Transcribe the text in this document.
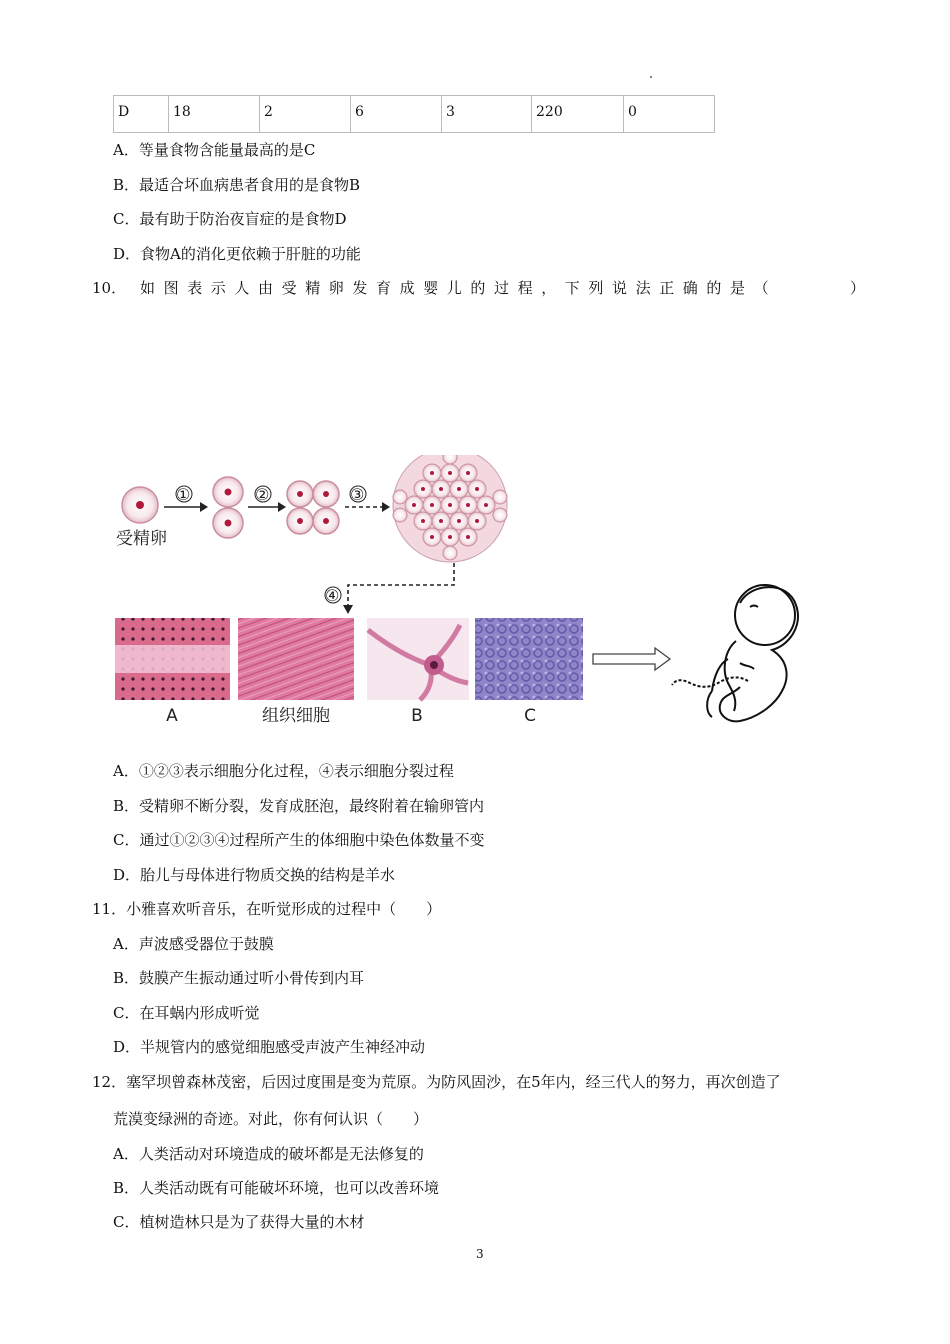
D	18	2	6	3	220	0
A．等量食物含能量最高的是C
B．最适合坏血病患者食用的是食物B
C．最有助于防治夜盲症的是食物D
D．食物A的消化更依赖于肝脏的功能
10． 如图表示人由受精卵发育成婴儿的过程，下列说法正确的是（	）
受精卵
①	②	③
④
A	组织细胞	B	C
A．①②③表示细胞分化过程，④表示细胞分裂过程
B．受精卵不断分裂，发育成胚泡，最终附着在输卵管内
C．通过①②③④过程所产生的体细胞中染色体数量不变
D．胎儿与母体进行物质交换的结构是羊水
11．小雅喜欢听音乐，在听觉形成的过程中（　　）
A．声波感受器位于鼓膜
B．鼓膜产生振动通过听小骨传到内耳
C．在耳蜗内形成听觉
D．半规管内的感觉细胞感受声波产生神经冲动
12．塞罕坝曾森林茂密，后因过度围是变为荒原。为防风固沙，在5年内，经三代人的努力，再次创造了
荒漠变绿洲的奇迹。对此，你有何认识（　　）
A．人类活动对环境造成的破坏都是无法修复的
B．人类活动既有可能破坏环境，也可以改善环境
C．植树造林只是为了获得大量的木材
3
